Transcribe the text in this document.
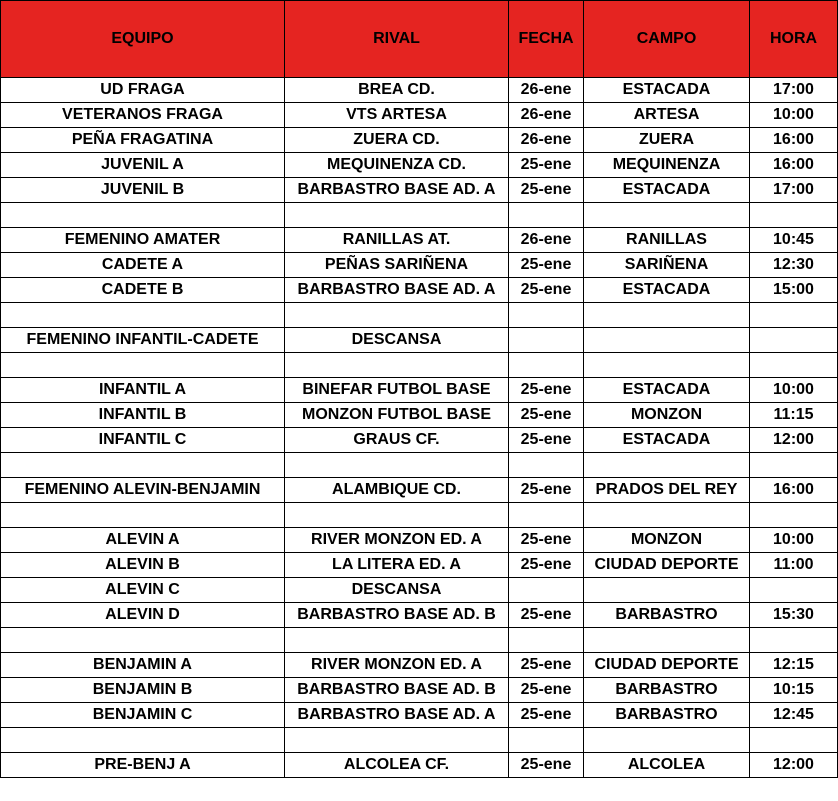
EQUIPO	RIVAL	FECHA	CAMPO	HORA
UD FRAGA	BREA CD.	26-ene	ESTACADA	17:00
VETERANOS FRAGA	VTS ARTESA	26-ene	ARTESA	10:00
PEÑA FRAGATINA	ZUERA CD.	26-ene	ZUERA	16:00
JUVENIL A	MEQUINENZA CD.	25-ene	MEQUINENZA	16:00
JUVENIL B	BARBASTRO BASE AD. A	25-ene	ESTACADA	17:00

FEMENINO AMATER	RANILLAS AT.	26-ene	RANILLAS	10:45
CADETE A	PEÑAS SARIÑENA	25-ene	SARIÑENA	12:30
CADETE B	BARBASTRO BASE AD. A	25-ene	ESTACADA	15:00

FEMENINO INFANTIL-CADETE	DESCANSA			

INFANTIL A	BINEFAR FUTBOL BASE	25-ene	ESTACADA	10:00
INFANTIL B	MONZON FUTBOL BASE	25-ene	MONZON	11:15
INFANTIL C	GRAUS CF.	25-ene	ESTACADA	12:00

FEMENINO ALEVIN-BENJAMIN	ALAMBIQUE CD.	25-ene	PRADOS DEL REY	16:00

ALEVIN A	RIVER MONZON ED. A	25-ene	MONZON	10:00
ALEVIN B	LA LITERA ED. A	25-ene	CIUDAD DEPORTE	11:00
ALEVIN C	DESCANSA			
ALEVIN D	BARBASTRO BASE AD. B	25-ene	BARBASTRO	15:30

BENJAMIN A	RIVER MONZON ED. A	25-ene	CIUDAD DEPORTE	12:15
BENJAMIN B	BARBASTRO BASE AD. B	25-ene	BARBASTRO	10:15
BENJAMIN C	BARBASTRO BASE AD. A	25-ene	BARBASTRO	12:45

PRE-BENJ A	ALCOLEA CF.	25-ene	ALCOLEA	12:00
